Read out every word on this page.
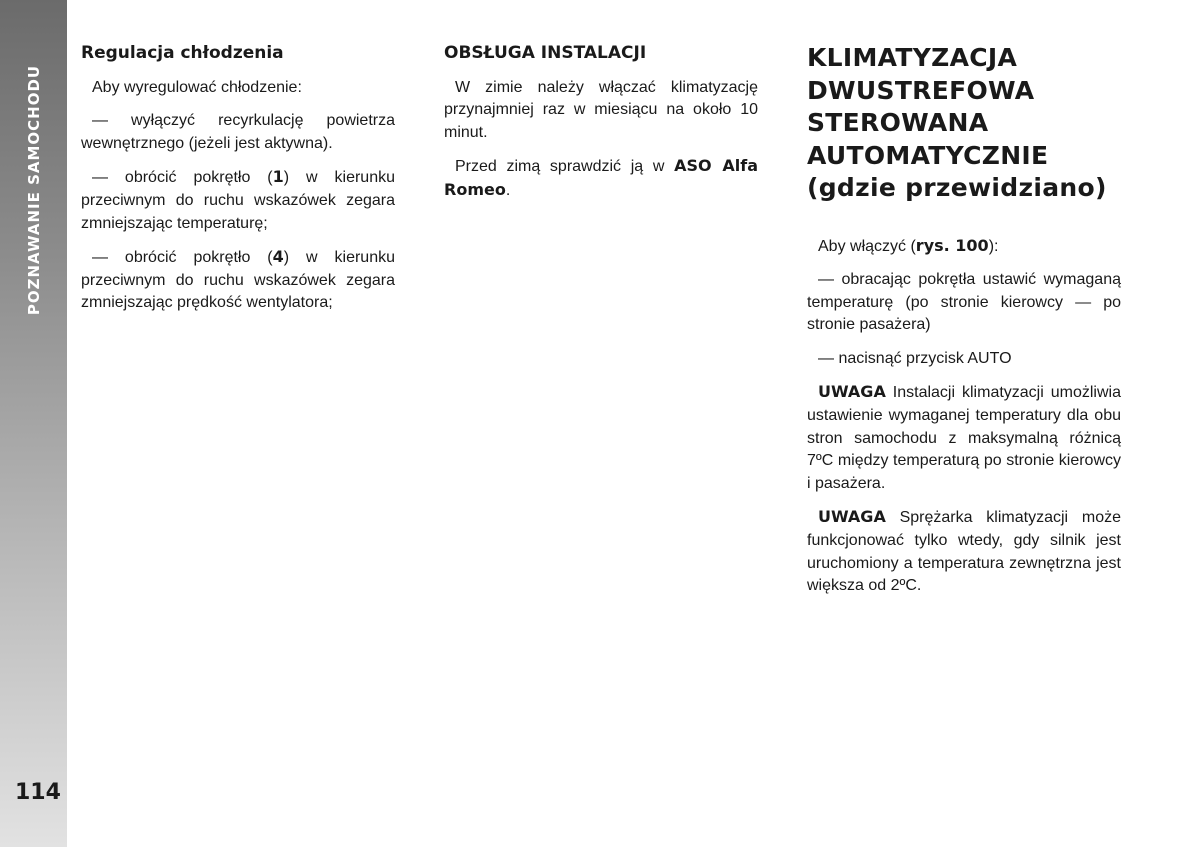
POZNAWANIE SAMOCHODU
114
Regulacja chłodzenia

Aby wyregulować chłodzenie:

— wyłączyć recyrkulację powietrza wewnętrznego (jeżeli jest aktywna).

— obrócić pokrętło (1) w kierunku przeciwnym do ruchu wskazówek zegara zmniejszając temperaturę;

— obrócić pokrętło (4) w kierunku przeciwnym do ruchu wskazówek zegara zmniejszając prędkość wentylatora;

OBSŁUGA INSTALACJI

W zimie należy włączać klimatyzację przynajmniej raz w miesiącu na około 10 minut.

Przed zimą sprawdzić ją w ASO Alfa Romeo.

KLIMATYZACJA
DWUSTREFOWA
STEROWANA
AUTOMATYCZNIE
(gdzie przewidziano)

Aby włączyć (rys. 100):

— obracając pokrętła ustawić wymaganą temperaturę (po stronie kierowcy — po stronie pasażera)

— nacisnąć przycisk AUTO

UWAGA Instalacji klimatyzacji umożliwia ustawienie wymaganej temperatury dla obu stron samochodu z maksymalną różnicą 7ºC między temperaturą po stronie kierowcy i pasażera.

UWAGA Sprężarka klimatyzacji może funkcjonować tylko wtedy, gdy silnik jest uruchomiony a temperatura zewnętrzna jest większa od 2ºC.
